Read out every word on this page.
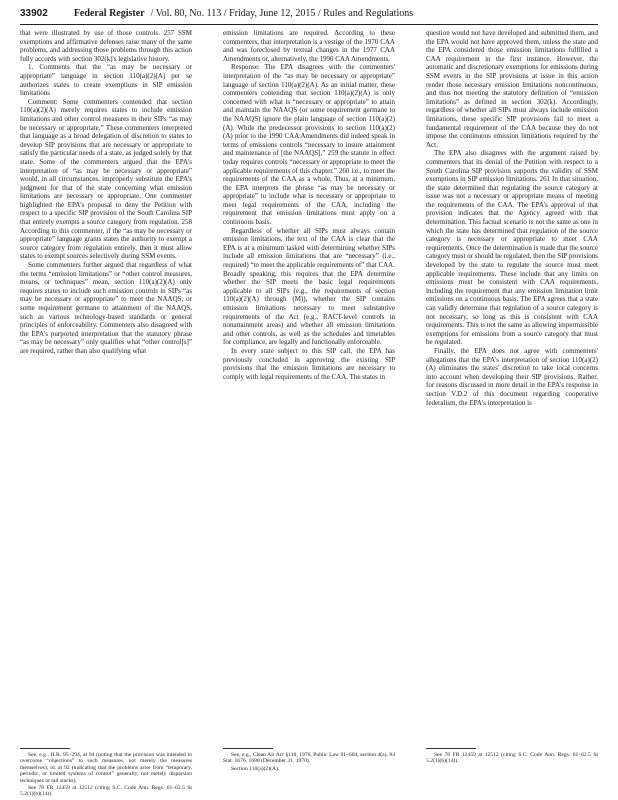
33902	Federal Register / Vol. 80, No. 113 / Friday, June 12, 2015 / Rules and Regulations

that were illustrated by use of those controls. 257 SSM exemptions and affirmative defenses raise many of the same problems, and addressing those problems through this action fully accords with section 302(k)'s legislative history.

1. Comments that the “as may be necessary or appropriate” language in section 110(a)(2)(A) per se authorizes states to create exemptions in SIP emission limitations

Comment: Some commenters contended that section 110(a)(2)(A) merely requires states to include emission limitations and other control measures in their SIPs “as may be necessary or appropriate.” These commenters interpreted that language as a broad delegation of discretion to states to develop SIP provisions that are necessary or appropriate to satisfy the particular needs of a state, as judged solely by that state. Some of the commenters argued that the EPA's interpretation of “as may be necessary or appropriate” would, in all circumstances, improperly substitute the EPA's judgment for that of the state concerning what emission limitations are necessary or appropriate. One commenter highlighted the EPA's proposal to deny the Petition with respect to a specific SIP provision of the South Carolina SIP that entirely exempts a source category from regulation. 258 According to this commenter, if the “as may be necessary or appropriate” language grants states the authority to exempt a source category from regulation entirely, then it must allow states to exempt sources selectively during SSM events.

Some commenters further argued that regardless of what the terms “emission limitations” or “other control measures, means, or techniques” mean, section 110(a)(2)(A) only requires states to include such emission controls in SIPs “as may be necessary or appropriate” to meet the NAAQS, or some requirement germane to attainment of the NAAQS, such as various technology-based standards or general principles of enforceability. Commenters also disagreed with the EPA's purported interpretation that the statutory phrase “as may be necessary” only qualifies what “other control[s]” are required, rather than also qualifying what

emission limitations are required. According to these commenters, that interpretation is a vestige of the 1970 CAA and was foreclosed by textual changes in the 1977 CAA Amendments or, alternatively, the 1990 CAA Amendments.

Response: The EPA disagrees with the commenters' interpretation of the “as may be necessary or appropriate” language of section 110(a)(2)(A). As an initial matter, these commenters contending that section 110(a)(2)(A) is only concerned with what is “necessary or appropriate” to attain and maintain the NAAQS (or some requirement germane to the NAAQS) ignore the plain language of section 110(a)(2)(A). While the predecessor provisions to section 110(a)(2)(A) prior to the 1990 CAA Amendments did indeed speak in terms of emissions controls “necessary to insure attainment and maintenance of [the NAAQS],” 259 the statute in effect today requires controls “necessary or appropriate to meet the applicable requirements of this chapter.” 260 i.e., to meet the requirements of the CAA as a whole. Thus, at a minimum, the EPA interprets the phrase “as may be necessary or appropriate” to include what is necessary or appropriate to meet legal requirements of the CAA, including the requirement that emission limitations must apply on a continuous basis.

Regardless of whether all SIPs must always contain emission limitations, the text of the CAA is clear that the EPA is at a minimum tasked with determining whether SIPs include all emission limitations that are “necessary” (i.e., required) “to meet the applicable requirements of” that CAA. Broadly speaking, this requires that the EPA determine whether the SIP meets the basic legal requirements applicable to all SIPs (e.g., the requirements of section 110(a)(2)(A) through (M)), whether the SIP contains emission limitations necessary to meet substantive requirements of the Act (e.g., RACT-level controls in nonattainment areas) and whether all emission limitations and other controls, as well as the schedules and timetables for compliance, are legally and functionally enforceable.

In every state subject to this SIP call, the EPA has previously concluded in approving the existing SIP provisions that the emission limitations are necessary to comply with legal requirements of the CAA. The states in

question would not have developed and submitted them, and the EPA would not have approved them, unless the state and the EPA considered those emission limitations fulfilled a CAA requirement in the first instance. However, the automatic and discretionary exemptions for emissions during SSM events in the SIP provisions at issue in this action render those necessary emission limitations noncontinuous, and thus not meeting the statutory definition of “emission limitations” as defined in section 302(k). Accordingly, regardless of whether all SIPs must always include emission limitations, these specific SIP provisions fail to meet a fundamental requirement of the CAA because they do not impose the continuous emission limitations required by the Act.

The EPA also disagrees with the argument raised by commenters that its denial of the Petition with respect to a South Carolina SIP provision supports the validity of SSM exemptions in SIP emission limitations. 261 In that situation, the state determined that regulating the source category at issue was not a necessary or appropriate means of meeting the requirements of the CAA. The EPA's approval of that provision indicates that the Agency agreed with that determination. This factual scenario is not the same as one in which the state has determined that regulation of the source category is necessary or appropriate to meet CAA requirements. Once the determination is made that the source category must or should be regulated, then the SIP provisions developed by the state to regulate the source must meet applicable requirements. These include that any limits on emissions must be consistent with CAA requirements, including the requirement that any emission limitation limit emissions on a continuous basis. The EPA agrees that a state can validly determine that regulation of a source category is not necessary, so long as this is consistent with CAA requirements. This is not the same as allowing impermissible exemptions for emissions from a source category that must be regulated.

Finally, the EPA does not agree with commenters' allegations that the EPA's interpretation of section 110(a)(2)(A) eliminates the states' discretion to take local concerns into account when developing their SIP provisions. Rather, for reasons discussed in more detail in the EPA's response in section V.D.2 of this document regarding cooperative federalism, the EPA's interpretation is

See, e.g., H.R. 95–294, at 94 (noting that the provision was intended to overcome “objections” to such measures, not merely the measures themselves); id. at 92 (indicating that the problems arise from “temporary, periodic, or limited systems of control” generally, not merely dispersion techniques or tall stacks).

See 78 FR 12459 at 12512 (citing S.C. Code Ann. Regs. 61–62.5 St 5.2(1)(b)(14)).

See, e.g., Clean Air Act §110, 1970, Public Law 91–604, section 4(a), 84 Stat. 1676, 1680 (December 31, 1970).

Section 110(a)(2)(A).

See 78 FR 12459 at 12512 (citing S.C. Code Ann. Regs. 61–62.5 St 5.2(1)(b)(14)).
